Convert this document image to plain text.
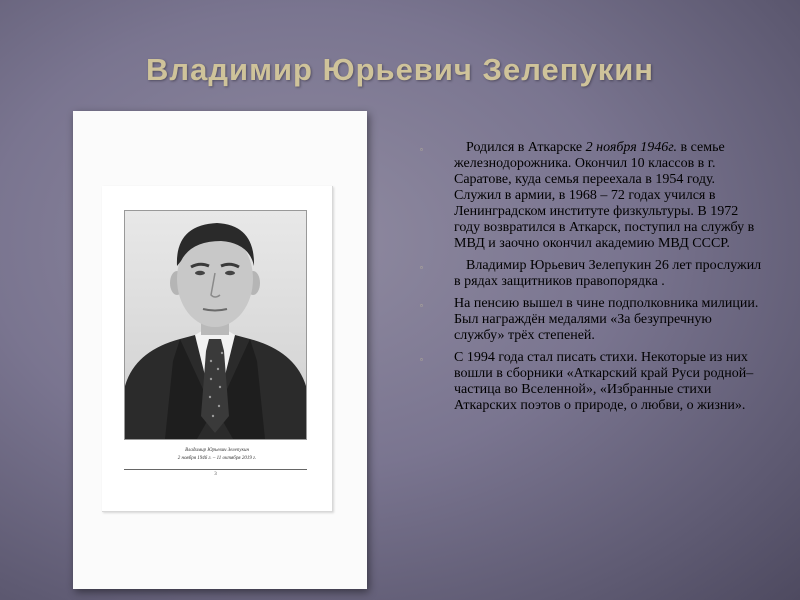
Владимир Юрьевич Зелепукин
Владимир Юрьевич Зелепукин
2 ноября 1946 г. – 11 октября 2019 г.
3
▫	Родился в Аткарске 2 ноября 1946г. в семье железнодорожника. Окончил 10 классов в г. Саратове, куда семья переехала в 1954 году. Служил в армии, в 1968 – 72 годах учился в Ленинградском институте физкультуры. В 1972 году возвратился в Аткарск, поступил на службу в МВД и заочно окончил академию МВД СССР.
▫	Владимир Юрьевич Зелепукин 26 лет прослужил в рядах защитников правопорядка .
▫ На пенсию вышел в чине подполковника милиции. Был награждён медалями «За безупречную службу» трёх степеней.
▫ С 1994 года стал писать стихи. Некоторые из них вошли в сборники «Аткарский край Руси родной– частица во Вселенной», «Избранные стихи Аткарских поэтов о природе, о любви, о жизни».
